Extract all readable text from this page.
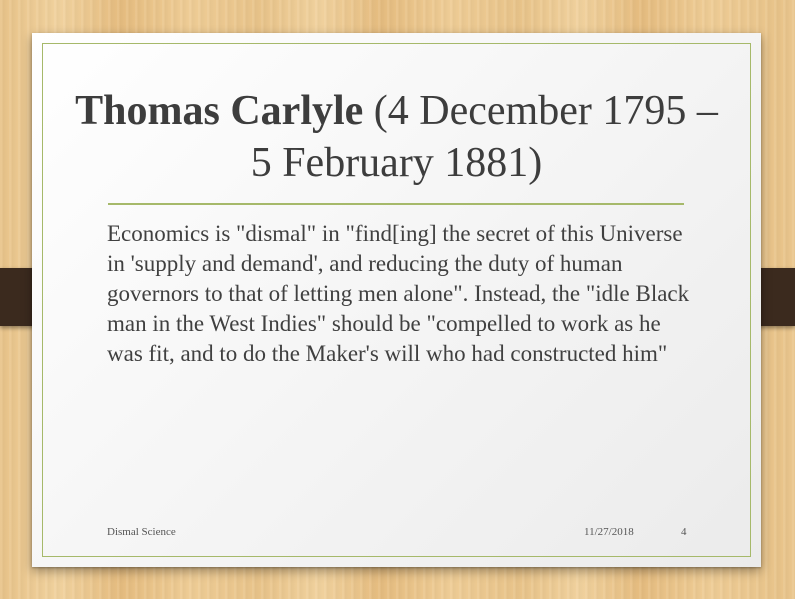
Thomas Carlyle (4 December 1795 – 5 February 1881)
Economics is "dismal" in "find[ing] the secret of this Universe in 'supply and demand', and reducing the duty of human governors to that of letting men alone". Instead, the "idle Black man in the West Indies" should be "compelled to work as he was fit, and to do the Maker's will who had constructed him"
Dismal Science	11/27/2018	4
